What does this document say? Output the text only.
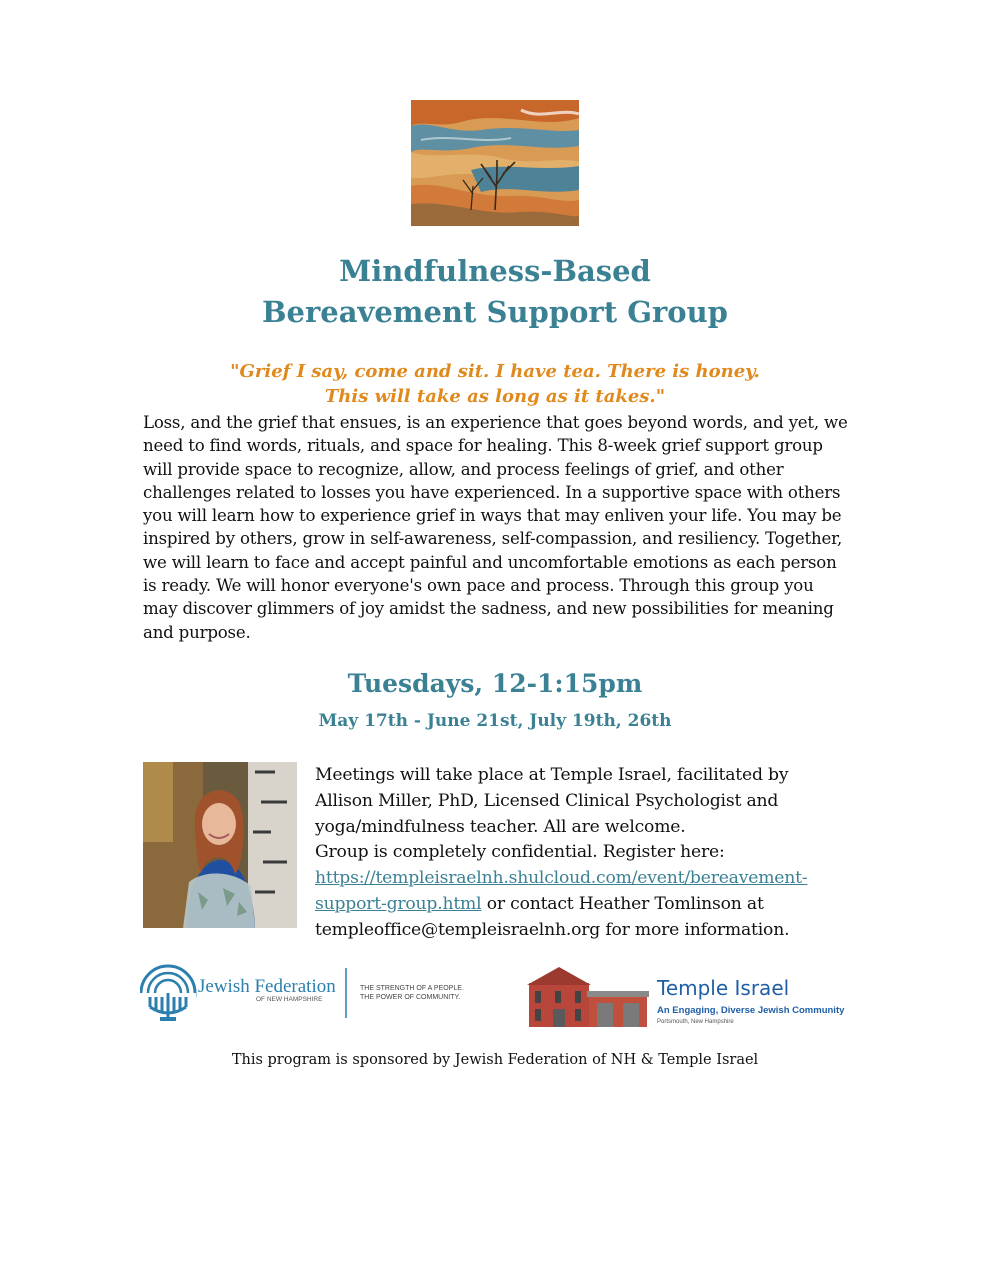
Mindfulness-Based
Bereavement Support Group
"Grief I say, come and sit. I have tea. There is honey.
This will take as long as it takes."
Loss, and the grief that ensues, is an experience that goes beyond words, and yet, we need to find words, rituals, and space for healing. This 8-week grief support group will provide space to recognize, allow, and process feelings of grief, and other challenges related to losses you have experienced. In a supportive space with others you will learn how to experience grief in ways that may enliven your life. You may be inspired by others, grow in self-awareness, self-compassion, and resiliency. Together, we will learn to face and accept painful and uncomfortable emotions as each person is ready. We will honor everyone's own pace and process. Through this group you may discover glimmers of joy amidst the sadness, and new possibilities for meaning and purpose.
Tuesdays, 12-1:15pm
May 17th - June 21st, July 19th, 26th
Meetings will take place at Temple Israel, facilitated by
Allison Miller, PhD, Licensed Clinical Psychologist and
yoga/mindfulness teacher. All are welcome.
Group is completely confidential. Register here:
https://templeisraelnh.shulcloud.com/event/bereavement-
support-group.html or contact Heather Tomlinson at
templeoffice@templeisraelnh.org for more information.
Jewish Federation
OF NEW HAMPSHIRE
THE STRENGTH OF A PEOPLE.
THE POWER OF COMMUNITY.	Temple Israel
An Engaging, Diverse Jewish Community
Portsmouth, New Hampshire
This program is sponsored by Jewish Federation of NH & Temple Israel
